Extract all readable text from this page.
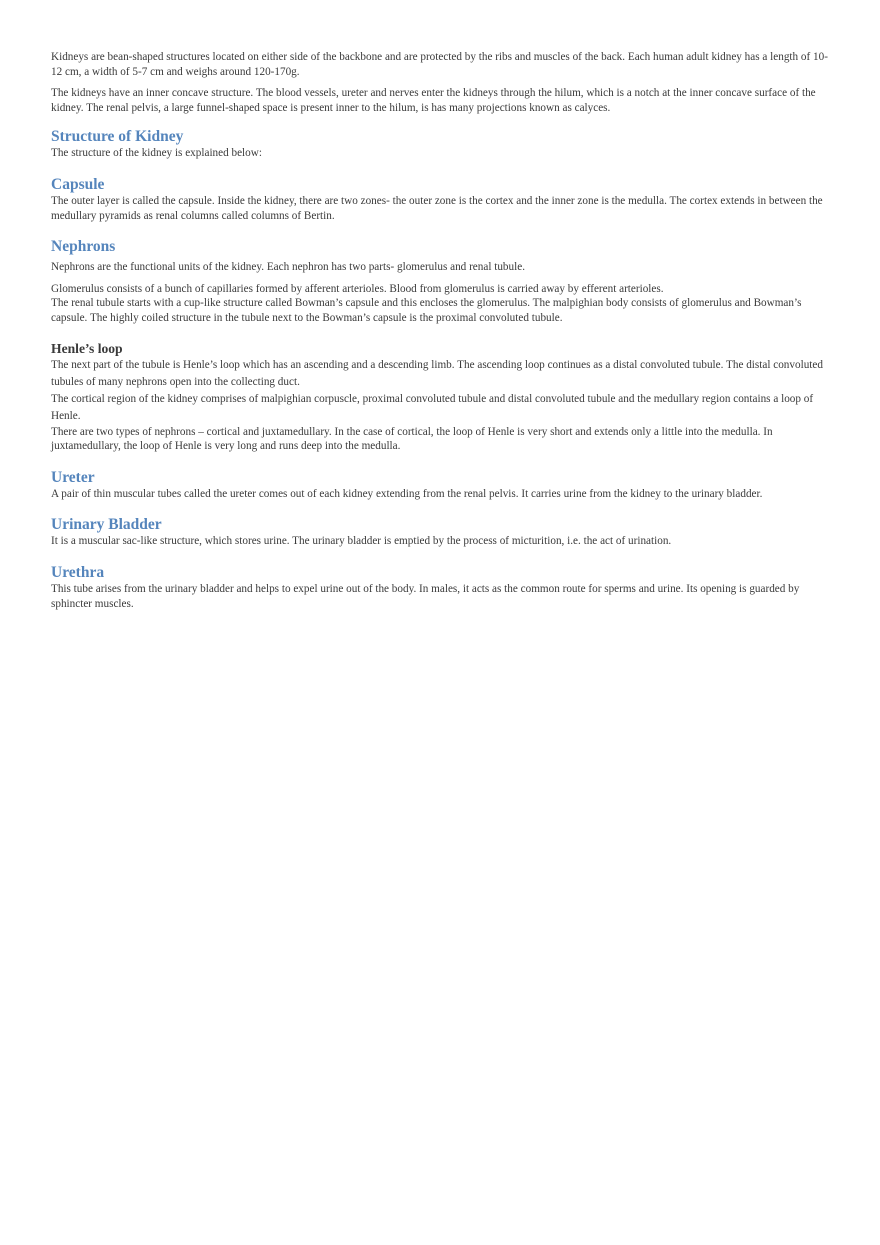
Kidneys are bean-shaped structures located on either side of the backbone and are protected by the ribs and muscles of the back. Each human adult kidney has a length of 10-12 cm, a width of 5-7 cm and weighs around 120-170g.

The kidneys have an inner concave structure. The blood vessels, ureter and nerves enter the kidneys through the hilum, which is a notch at the inner concave surface of the kidney. The renal pelvis, a large funnel-shaped space is present inner to the hilum, is has many projections known as calyces.

Structure of Kidney

The structure of the kidney is explained below:

Capsule

The outer layer is called the capsule. Inside the kidney, there are two zones- the outer zone is the cortex and the inner zone is the medulla. The cortex extends in between the medullary pyramids as renal columns called columns of Bertin.

Nephrons

Nephrons are the functional units of the kidney. Each nephron has two parts- glomerulus and renal tubule.

Glomerulus consists of a bunch of capillaries formed by afferent arterioles. Blood from glomerulus is carried away by efferent arterioles.

The renal tubule starts with a cup-like structure called Bowman’s capsule and this encloses the glomerulus. The malpighian body consists of glomerulus and Bowman’s capsule. The highly coiled structure in the tubule next to the Bowman’s capsule is the proximal convoluted tubule.

Henle’s loop

The next part of the tubule is Henle’s loop which has an ascending and a descending limb. The ascending loop continues as a distal convoluted tubule. The distal convoluted tubules of many nephrons open into the collecting duct.

The cortical region of the kidney comprises of malpighian corpuscle, proximal convoluted tubule and distal convoluted tubule and the medullary region contains a loop of Henle.

There are two types of nephrons – cortical and juxtamedullary. In the case of cortical, the loop of Henle is very short and extends only a little into the medulla. In juxtamedullary, the loop of Henle is very long and runs deep into the medulla.

Ureter

A pair of thin muscular tubes called the ureter comes out of each kidney extending from the renal pelvis. It carries urine from the kidney to the urinary bladder.

Urinary Bladder

It is a muscular sac-like structure, which stores urine. The urinary bladder is emptied by the process of micturition, i.e. the act of urination.

Urethra

This tube arises from the urinary bladder and helps to expel urine out of the body. In males, it acts as the common route for sperms and urine. Its opening is guarded by sphincter muscles.
